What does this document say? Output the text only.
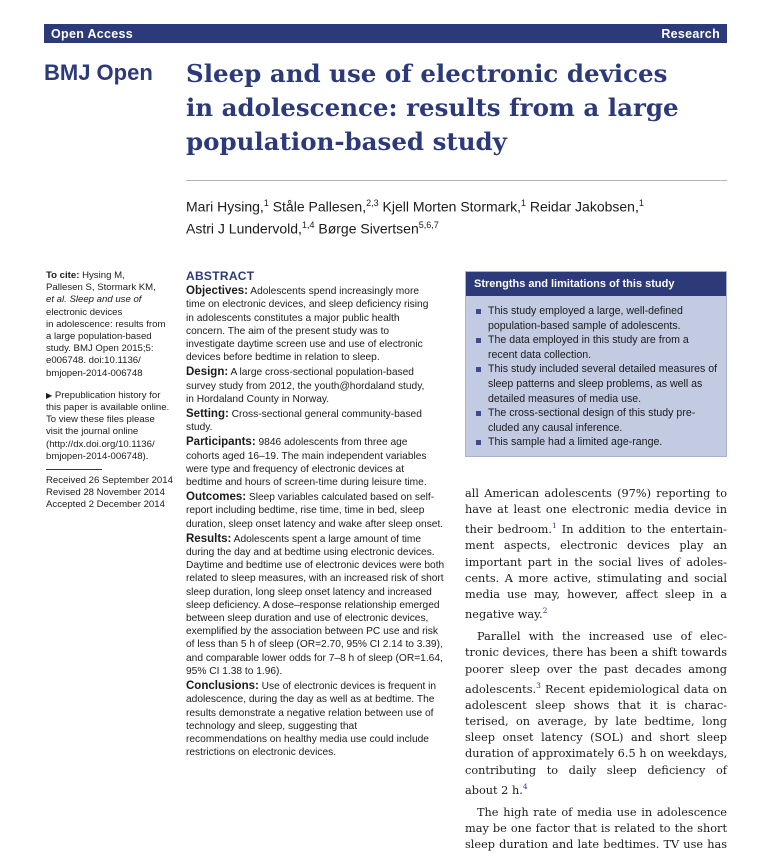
Open Access	Research
BMJ Open Sleep and use of electronic devices
in adolescence: results from a large
population-based study
Mari Hysing,$^1$ Ståle Pallesen,$^{2,3}$ Kjell Morten Stormark,$^1$ Reidar Jakobsen,$^1$
Astri J Lundervold,$^{1,4}$ Børge Sivertsen$^{5,6,7}$
To cite: Hysing M,
Pallesen S, Stormark KM,
et al. Sleep and use of
electronic devices
in adolescence: results from
a large population-based
study. BMJ Open 2015;5:
e006748. doi:10.1136/
bmjopen-2014-006748
▶ Prepublication history for
this paper is available online.
To view these files please
visit the journal online
(http://dx.doi.org/10.1136/
bmjopen-2014-006748).
Received 26 September 2014
Revised 28 November 2014
Accepted 2 December 2014
ABSTRACT

Objectives: Adolescents spend increasingly more
time on electronic devices, and sleep deficiency rising
in adolescents constitutes a major public health
concern. The aim of the present study was to
investigate daytime screen use and use of electronic
devices before bedtime in relation to sleep.

Design: A large cross-sectional population-based
survey study from 2012, the youth@hordaland study,
in Hordaland County in Norway.

Setting: Cross-sectional general community-based
study.

Participants: 9846 adolescents from three age
cohorts aged 16–19. The main independent variables
were type and frequency of electronic devices at
bedtime and hours of screen-time during leisure time.

Outcomes: Sleep variables calculated based on self-
report including bedtime, rise time, time in bed, sleep
duration, sleep onset latency and wake after sleep onset.

Results: Adolescents spent a large amount of time
during the day and at bedtime using electronic devices.
Daytime and bedtime use of electronic devices were both
related to sleep measures, with an increased risk of short
sleep duration, long sleep onset latency and increased
sleep deficiency. A dose–response relationship emerged
between sleep duration and use of electronic devices,
exemplified by the association between PC use and risk
of less than 5 h of sleep (OR=2.70, 95% CI 2.14 to 3.39),
and comparable lower odds for 7–8 h of sleep (OR=1.64,
95% CI 1.38 to 1.96).

Conclusions: Use of electronic devices is frequent in
adolescence, during the day as well as at bedtime. The
results demonstrate a negative relation between use of
technology and sleep, suggesting that
recommendations on healthy media use could include
restrictions on electronic devices.

Strengths and limitations of this study
This study employed a large, well-defined
population-based sample of adolescents.
The data employed in this study are from a
recent data collection.
This study included several detailed measures of
sleep patterns and sleep problems, as well as
detailed measures of media use.
The cross-sectional design of this study pre-
cluded any causal inference.
This sample had a limited age-range.
all American adolescents (97%) reporting to
have at least one electronic media device in
their bedroom.$^1$ In addition to the entertain-
ment aspects, electronic devices play an
important part in the social lives of adoles-
cents. A more active, stimulating and social
media use may, however, affect sleep in a
negative way.$^2$
Parallel with the increased use of elec-
tronic devices, there has been a shift towards
poorer sleep over the past decades among
adolescents.$^3$ Recent epidemiological data on
adolescent sleep shows that it is charac-
terised, on average, by late bedtime, long
sleep onset latency (SOL) and short sleep
duration of approximately 6.5 h on weekdays,
contributing to daily sleep deficiency of
about 2 h.$^4$
The high rate of media use in adolescence
may be one factor that is related to the short
sleep duration and late bedtimes. TV use has
